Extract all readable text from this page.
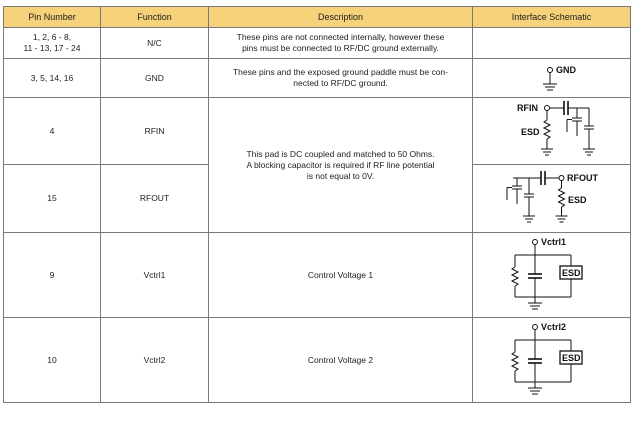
Pin Number	Function	Description	Interface Schematic
1, 2, 6 - 8,
11 - 13, 17 - 24	N/C	These pins are not connected internally, however these
pins must be connected to RF/DC ground externally.	
3, 5, 14, 16	GND	These pins and the exposed ground paddle must be con-
nected to RF/DC ground.	GND

4	RFIN	This pad is DC coupled and matched to 50 Ohms.
A blocking capacitor is required if RF line potential
is not equal to 0V.	RFIN
ESD

15	RFOUT		RFOUT
ESD

9	Vctrl1	Control Voltage 1	Vctrl1
ESD

10	Vctrl2	Control Voltage 2	Vctrl2
ESD
